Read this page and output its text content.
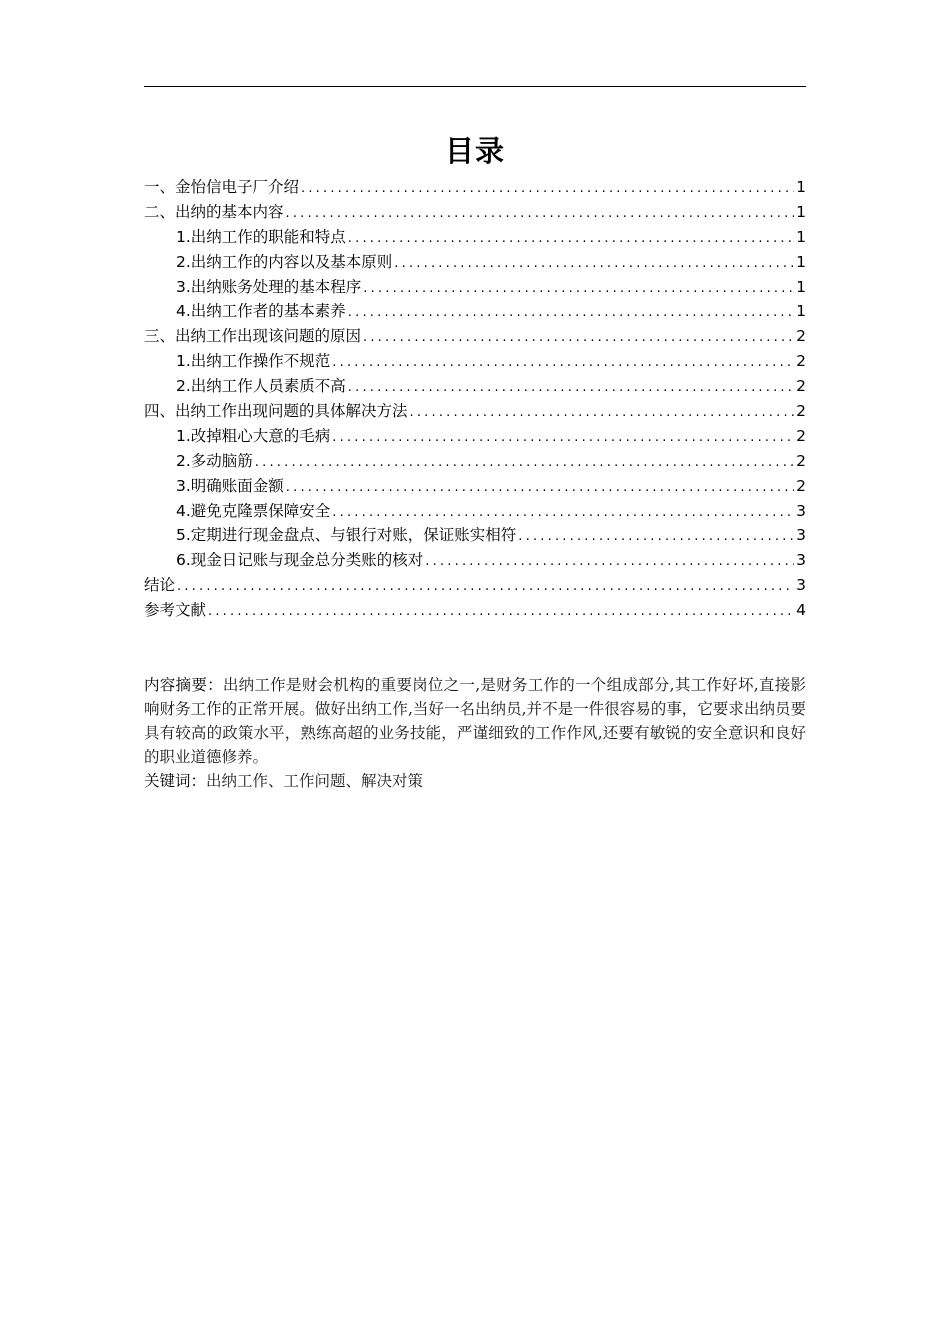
目录
一、金怡信电子厂介绍 .....	1
二、出纳的基本内容 .....	1
1.出纳工作的职能和特点 .....	1
2.出纳工作的内容以及基本原则 .....	1
3.出纳账务处理的基本程序 .....	1
4.出纳工作者的基本素养 .....	1
三、出纳工作出现该问题的原因 .....	2
1.出纳工作操作不规范 .....	2
2.出纳工作人员素质不高 .....	2
四、出纳工作出现问题的具体解决方法 .....	2
1.改掉粗心大意的毛病 .....	2
2.多动脑筋 .....	2
3.明确账面金额 .....	2
4.避免克隆票保障安全 .....	3
5.定期进行现金盘点、与银行对账，保证账实相符 .....	3
6.现金日记账与现金总分类账的核对 .....	3
结论 .....	3
参考文献 .....	4

内容摘要：出纳工作是财会机构的重要岗位之一,是财务工作的一个组成部分,其工作好坏,直接影响财务工作的正常开展。做好出纳工作,当好一名出纳员,并不是一件很容易的事，它要求出纳员要具有较高的政策水平，熟练高超的业务技能，严谨细致的工作作风,还要有敏锐的安全意识和良好的职业道德修养。

关键词：出纳工作、工作问题、解决对策
